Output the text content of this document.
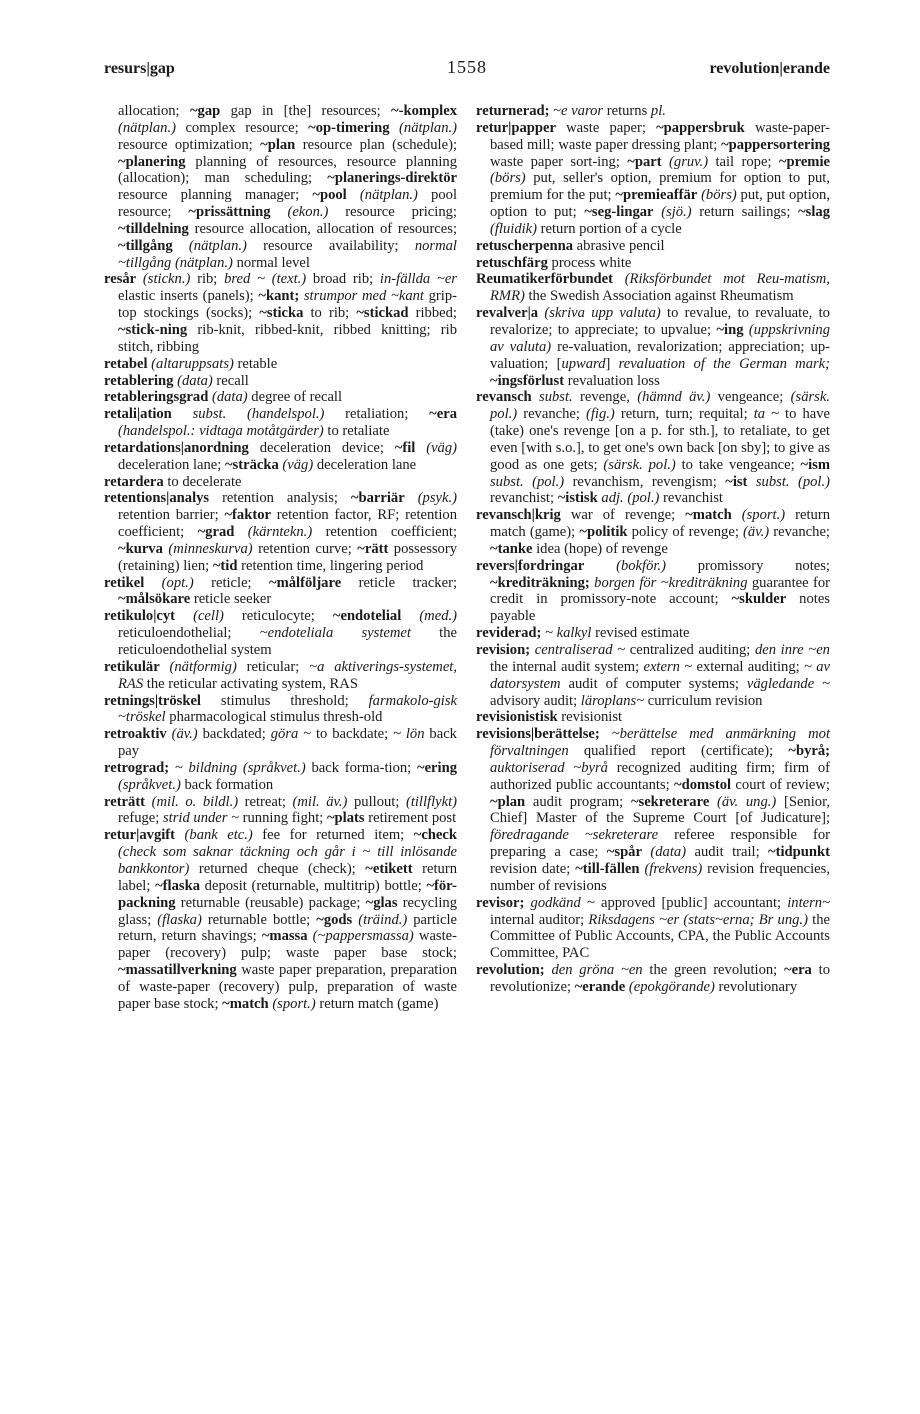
resurs|gap	1558	revolution|erande

allocation; ~gap gap in [the] resources; ~-komplex (nätplan.) complex resource; ~op-timering (nätplan.) resource optimization; ~plan resource plan (schedule); ~planering planning of resources, resource planning (allocation); man scheduling; ~planerings-direktör resource planning manager; ~pool (nätplan.) pool resource; ~prissättning (ekon.) resource pricing; ~tilldelning resource allocation, allocation of resources; ~tillgång (nätplan.) resource availability; normal ~tillgång (nätplan.) normal level

resår (stickn.) rib; bred ~ (text.) broad rib; in-fällda ~er elastic inserts (panels); ~kant; strumpor med ~kant grip-top stockings (socks); ~sticka to rib; ~stickad ribbed; ~stick-ning rib-knit, ribbed-knit, ribbed knitting; rib stitch, ribbing

retabel (altaruppsats) retable

retablering (data) recall

retableringsgrad (data) degree of recall

retali|ation subst. (handelspol.) retaliation; ~era (handelspol.: vidtaga motåtgärder) to retaliate

retardations|anordning deceleration device; ~fil (väg) deceleration lane; ~sträcka (väg) deceleration lane

retardera to decelerate

retentions|analys retention analysis; ~barriär (psyk.) retention barrier; ~faktor retention factor, RF; retention coefficient; ~grad (kärntekn.) retention coefficient; ~kurva (minneskurva) retention curve; ~rätt possessory (retaining) lien; ~tid retention time, lingering period

retikel (opt.) reticle; ~målföljare reticle tracker; ~målsökare reticle seeker

retikulo|cyt (cell) reticulocyte; ~endotelial (med.) reticuloendothelial; ~endoteliala systemet the reticuloendothelial system

retikulär (nätformig) reticular; ~a aktiverings-systemet, RAS the reticular activating system, RAS

retnings|tröskel stimulus threshold; farmakolo-gisk ~tröskel pharmacological stimulus thresh-old

retroaktiv (äv.) backdated; göra ~ to backdate; ~ lön back pay

retrograd; ~ bildning (språkvet.) back forma-tion; ~ering (språkvet.) back formation

reträtt (mil. o. bildl.) retreat; (mil. äv.) pullout; (tillflykt) refuge; strid under ~ running fight; ~plats retirement post

retur|avgift (bank etc.) fee for returned item; ~check (check som saknar täckning och går i ~ till inlösande bankkontor) returned cheque (check); ~etikett return label; ~flaska deposit (returnable, multitrip) bottle; ~för-packning returnable (reusable) package; ~glas recycling glass; (flaska) returnable bottle; ~gods (träind.) particle return, return shavings; ~massa (~pappersmassa) waste-paper (recovery) pulp; waste paper base stock; ~massatillverkning waste paper preparation, preparation of waste-paper (recovery) pulp, preparation of waste paper base stock; ~match (sport.) return match (game)

returnerad; ~e varor returns pl.

retur|papper waste paper; ~pappersbruk waste-paper-based mill; waste paper dressing plant; ~pappersortering waste paper sort-ing; ~part (gruv.) tail rope; ~premie (börs) put, seller's option, premium for option to put, premium for the put; ~premieaffär (börs) put, put option, option to put; ~seg-lingar (sjö.) return sailings; ~slag (fluidik) return portion of a cycle

retuscherpenna abrasive pencil

retuschfärg process white

Reumatikerförbundet (Riksförbundet mot Reu-matism, RMR) the Swedish Association against Rheumatism

revalver|a (skriva upp valuta) to revalue, to revaluate, to revalorize; to appreciate; to upvalue; ~ing (uppskrivning av valuta) re-valuation, revalorization; appreciation; up-valuation; [upward] revaluation of the German mark; ~ingsförlust revaluation loss

revansch subst. revenge, (hämnd äv.) vengeance; (särsk. pol.) revanche; (fig.) return, turn; requital; ta ~ to have (take) one's revenge [on a p. for sth.], to retaliate, to get even [with s.o.], to get one's own back [on sby]; to give as good as one gets; (särsk. pol.) to take vengeance; ~ism subst. (pol.) revanchism, revengism; ~ist subst. (pol.) revanchist; ~istisk adj. (pol.) revanchist

revansch|krig war of revenge; ~match (sport.) return match (game); ~politik policy of revenge; (äv.) revanche; ~tanke idea (hope) of revenge

revers|fordringar (bokför.) promissory notes; ~krediträkning; borgen för ~krediträkning guarantee for credit in promissory-note account; ~skulder notes payable

reviderad; ~ kalkyl revised estimate

revision; centraliserad ~ centralized auditing; den inre ~en the internal audit system; extern ~ external auditing; ~ av datorsystem audit of computer systems; vägledande ~ advisory audit; läroplans~ curriculum revision

revisionistisk revisionist

revisions|berättelse; ~berättelse med anmärkning mot förvaltningen qualified report (certificate); ~byrå; auktoriserad ~byrå recognized auditing firm; firm of authorized public accountants; ~domstol court of review; ~plan audit program; ~sekreterare (äv. ung.) [Senior, Chief] Master of the Supreme Court [of Judicature]; föredragande ~sekreterare referee responsible for preparing a case; ~spår (data) audit trail; ~tidpunkt revision date; ~till-fällen (frekvens) revision frequencies, number of revisions

revisor; godkänd ~ approved [public] accountant; intern~ internal auditor; Riksdagens ~er (stats~erna; Br ung.) the Committee of Public Accounts, CPA, the Public Accounts Committee, PAC

revolution; den gröna ~en the green revolution; ~era to revolutionize; ~erande (epokgörande) revolutionary
